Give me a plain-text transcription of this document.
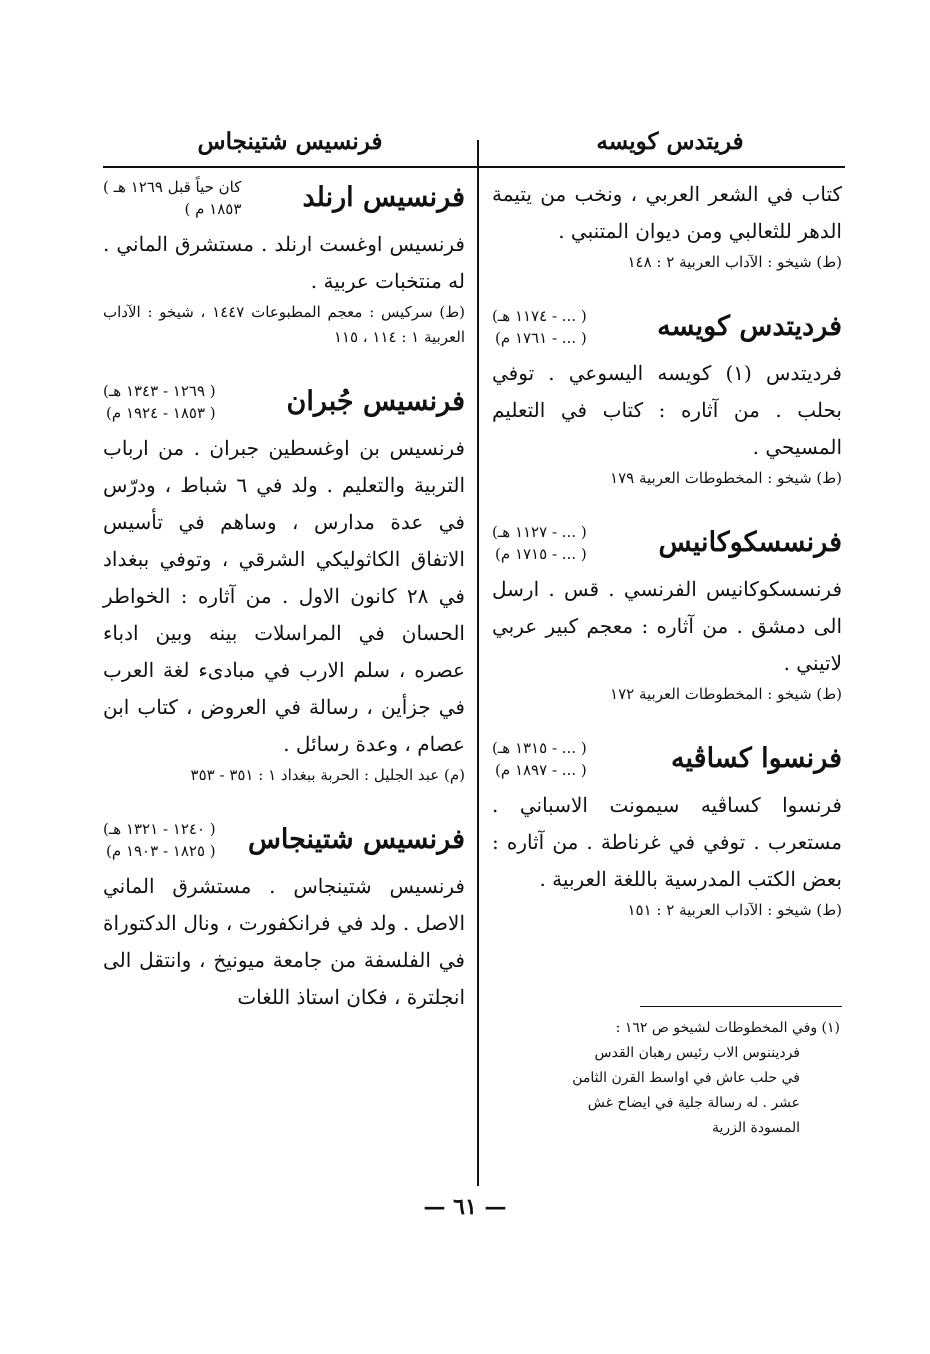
فريتدس كويسه
فرنسيس شتينجاس

كتاب في الشعر العربي ، ونخب من يتيمة الدهر للثعالبي ومن ديوان المتنبي .

(ط) شيخو : الآداب العربية ٢ : ١٤٨

فرديتدس كويسه
( ... - ١١٧٤ هـ)
( ... - ١٧٦١ م)

فرديتدس (١) كويسه اليسوعي . توفي بحلب . من آثاره : كتاب في التعليم المسيحي .

(ط) شيخو : المخطوطات العربية ١٧٩

فرنسسكوكانيس
( ... - ١١٢٧ هـ)
( ... - ١٧١٥ م)

فرنسسكوكانيس الفرنسي . قس . ارسل الى دمشق . من آثاره : معجم كبير عربي لاتيني .

(ط) شيخو : المخطوطات العربية ١٧٢

فرنسوا كساڤيه
( ... - ١٣١٥ هـ)
( ... - ١٨٩٧ م)

فرنسوا كساڤيه سيمونت الاسباني . مستعرب . توفي في غرناطة . من آثاره : بعض الكتب المدرسية باللغة العربية .

(ط) شيخو : الآداب العربية ٢ : ١٥١

(١) وفي المخطوطات لشيخو ص ١٦٢ :
فرديننوس الاب رئيس رهبان القدس
في حلب عاش في اواسط القرن الثامن
عشر . له رسالة جلية في ايضاح غش
المسودة الزرية
فرنسيس ارنلد
كان حياً قبل ١٢٦٩ هـ )
١٨٥٣ م )

فرنسيس اوغست ارنلد . مستشرق الماني . له منتخبات عربية .

(ط) سركيس : معجم المطبوعات ١٤٤٧ ، شيخو : الآداب العربية ١ : ١١٤ ، ١١٥

فرنسيس جُبران
( ١٢٦٩ - ١٣٤٣ هـ)
( ١٨٥٣ - ١٩٢٤ م)

فرنسيس بن اوغسطين جبران . من ارباب التربية والتعليم . ولد في ٦ شباط ، ودرّس في عدة مدارس ، وساهم في تأسيس الاتفاق الكاثوليكي الشرقي ، وتوفي ببغداد في ٢٨ كانون الاول . من آثاره : الخواطر الحسان في المراسلات بينه وبين ادباء عصره ، سلم الارب في مبادىء لغة العرب في جزأين ، رسالة في العروض ، كتاب ابن عصام ، وعدة رسائل .

(م) عبد الجليل : الحربة ببغداد ١ : ٣٥١ - ٣٥٣

فرنسيس شتينجاس
( ١٢٤٠ - ١٣٢١ هـ)
( ١٨٢٥ - ١٩٠٣ م)

فرنسيس شتينجاس . مستشرق الماني الاصل . ولد في فرانكفورت ، ونال الدكتوراة في الفلسفة من جامعة ميونيخ ، وانتقل الى انجلترة ، فكان استاذ اللغات

— ٦١ —
